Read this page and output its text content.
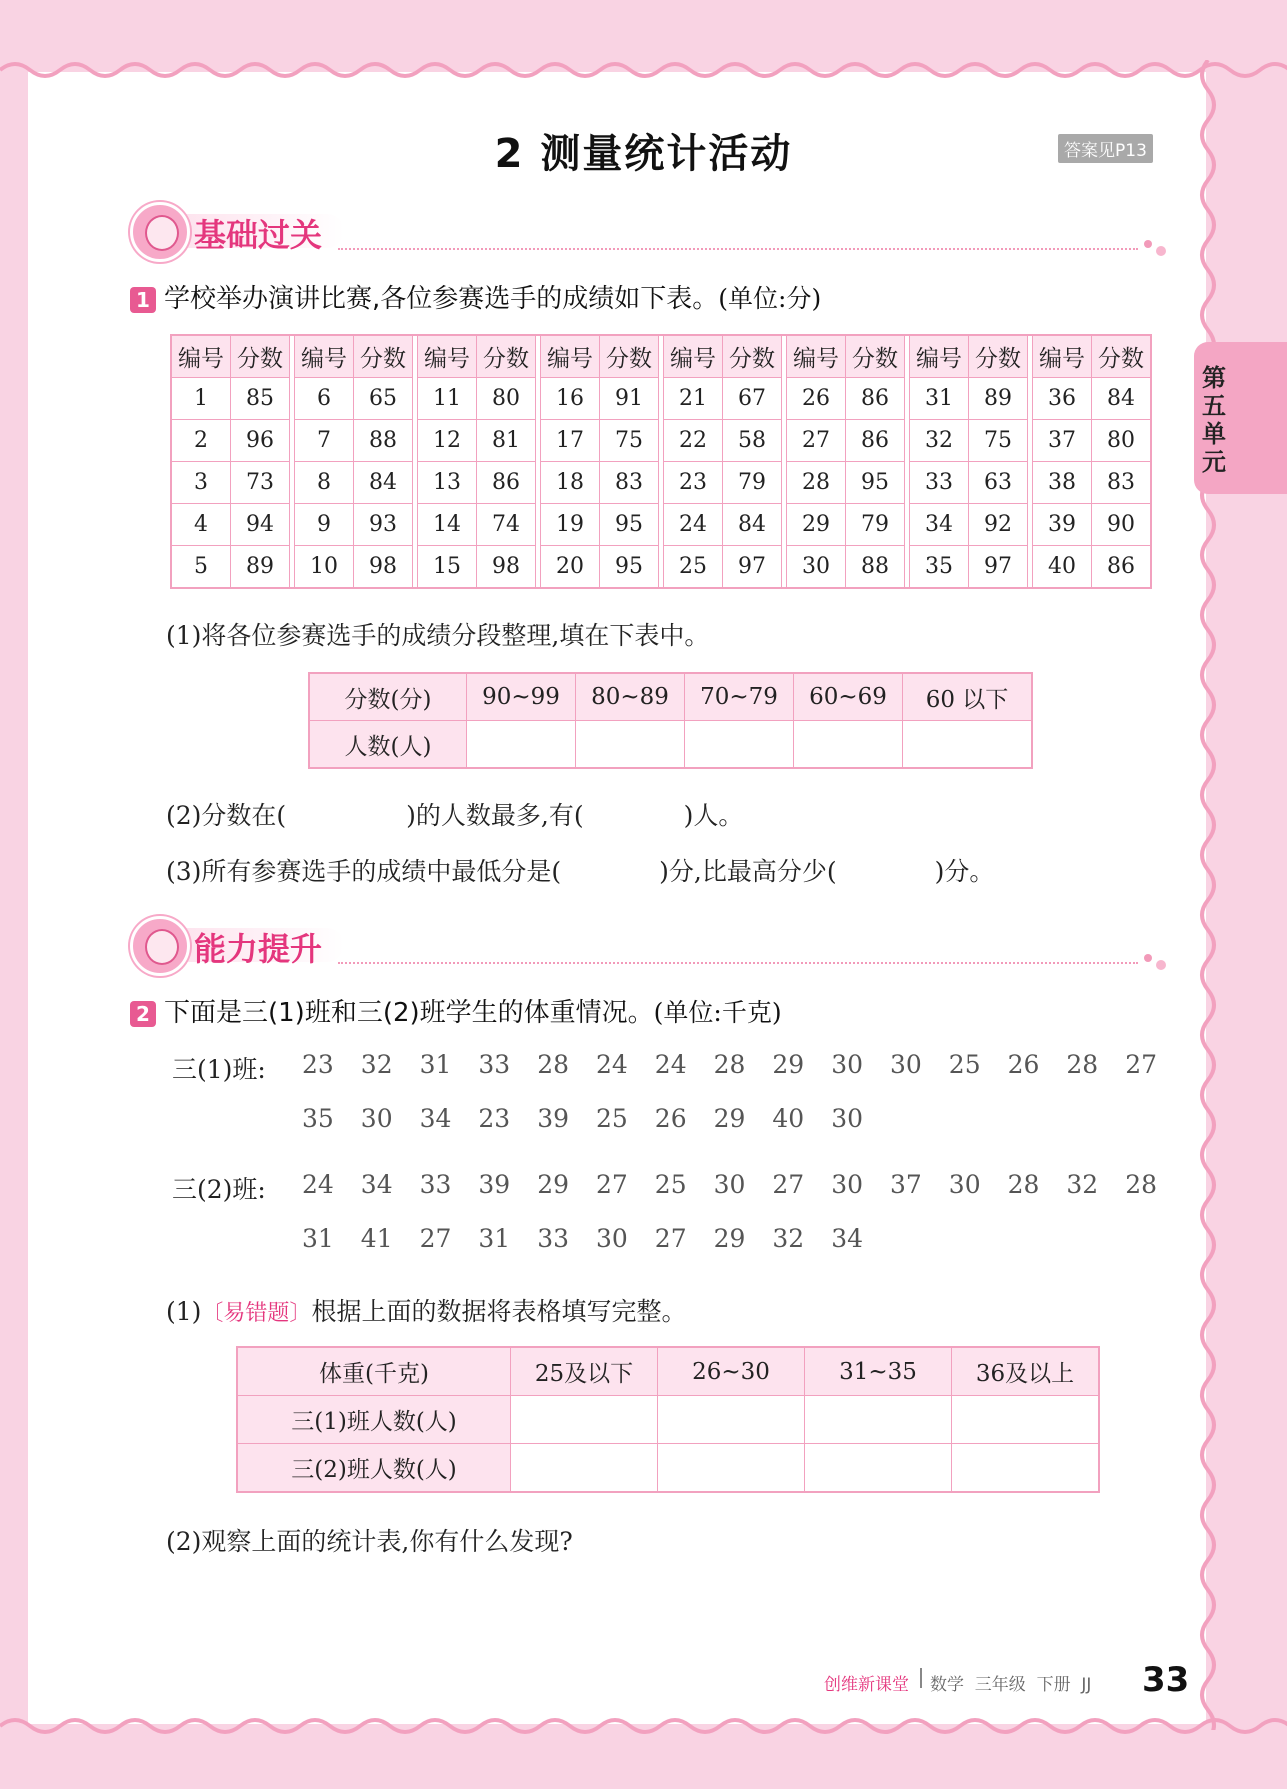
2 测量统计活动	答案见P13
第五单元
基础过关
1 学校举办演讲比赛,各位参赛选手的成绩如下表。(单位:分)
编号	分数		编号	分数		编号	分数		编号	分数		编号	分数		编号	分数		编号	分数		编号	分数
1	85		6	65		11	80		16	91		21	67		26	86		31	89		36	84
2	96		7	88		12	81		17	75		22	58		27	86		32	75		37	80
3	73		8	84		13	86		18	83		23	79		28	95		33	63		38	83
4	94		9	93		14	74		19	95		24	84		29	79		34	92		39	90
5	89		10	98		15	98		20	95		25	97		30	88		35	97		40	86
(1)将各位参赛选手的成绩分段整理,填在下表中。
分数(分)	90~99	80~89	70~79	60~69	60 以下
人数(人)					
(2)分数在(	)的人数最多,有(	)人。
(3)所有参赛选手的成绩中最低分是(	)分,比最高分少(	)分。
能力提升
2 下面是三(1)班和三(2)班学生的体重情况。(单位:千克)
三(1)班: 23 32 31 33 28 24 24 28 29 30 30 25 26 28 27
35 30 34 23 39 25 26 29 40 30
三(2)班: 24 34 33 39 29 27 25 30 27 30 37 30 28 32 28
31 41 27 31 33 30 27 29 32 34
(1)〔易错题〕根据上面的数据将表格填写完整。
体重(千克)	25及以下	26~30	31~35	36及以上
三(1)班人数(人)				
三(2)班人数(人)				
(2)观察上面的统计表,你有什么发现?
创维新课堂 数学  三年级  下册  JJ 33
